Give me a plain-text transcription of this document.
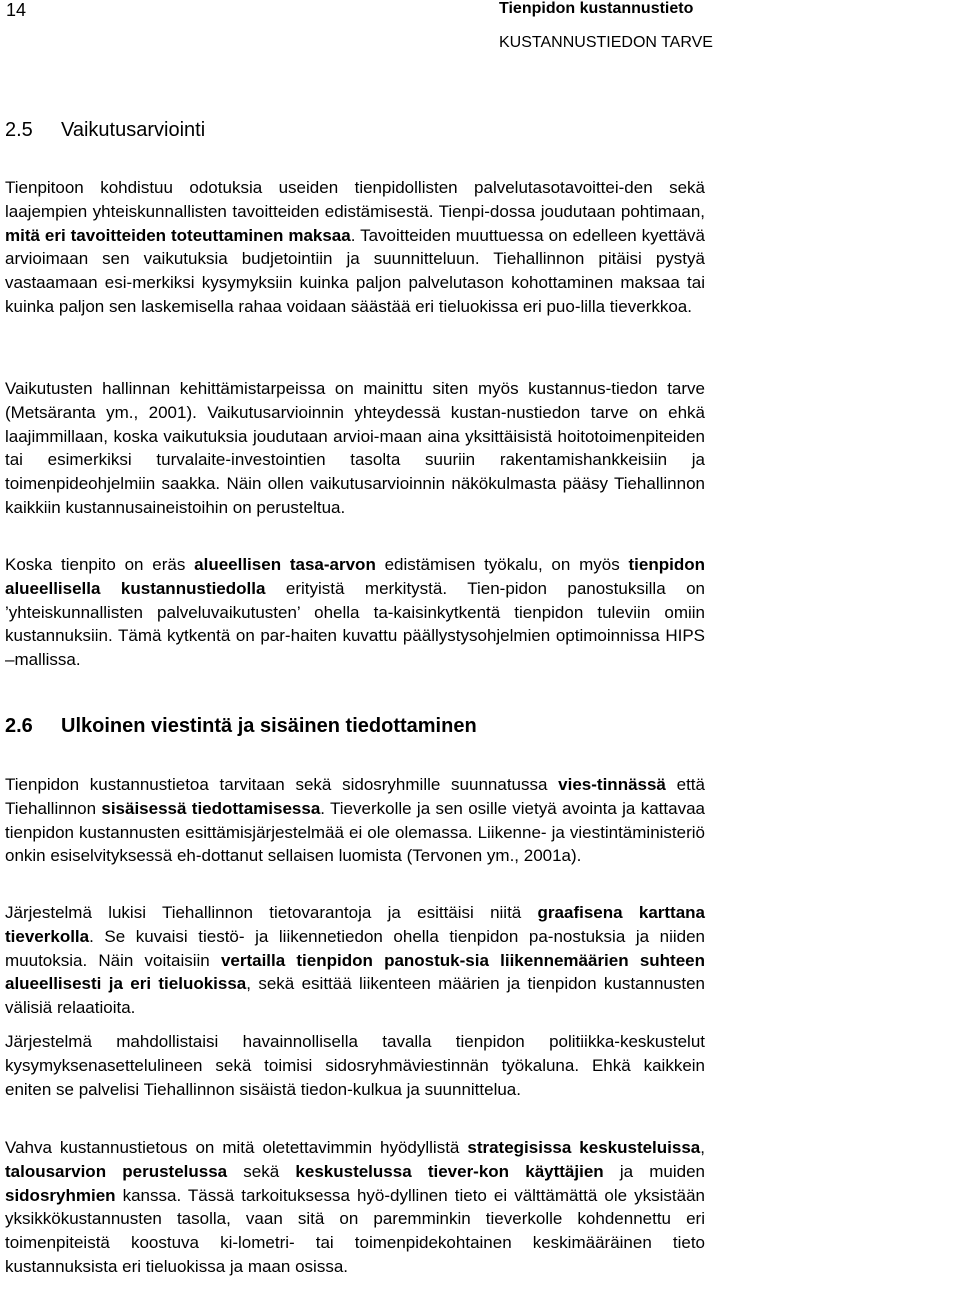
14	Tienpidon kustannustieto
KUSTANNUSTIEDON TARVE
2.5 Vaikutusarviointi

Tienpitoon kohdistuu odotuksia useiden tienpidollisten palvelutasotavoittei-den sekä laajempien yhteiskunnallisten tavoitteiden edistämisestä. Tienpi-dossa joudutaan pohtimaan, mitä eri tavoitteiden toteuttaminen maksaa. Tavoitteiden muuttuessa on edelleen kyettävä arvioimaan sen vaikutuksia budjetointiin ja suunnitteluun. Tiehallinnon pitäisi pystyä vastaamaan esi-merkiksi kysymyksiin kuinka paljon palvelutason kohottaminen maksaa tai kuinka paljon sen laskemisella rahaa voidaan säästää eri tieluokissa eri puo-lilla tieverkkoa.

Vaikutusten hallinnan kehittämistarpeissa on mainittu siten myös kustannus-tiedon tarve (Metsäranta ym., 2001). Vaikutusarvioinnin yhteydessä kustan-nustiedon tarve on ehkä laajimmillaan, koska vaikutuksia joudutaan arvioi-maan aina yksittäisistä hoitotoimenpiteiden tai esimerkiksi turvalaite-investointien tasolta suuriin rakentamishankkeisiin ja toimenpideohjelmiin saakka. Näin ollen vaikutusarvioinnin näkökulmasta pääsy Tiehallinnon kaikkiin kustannusaineistoihin on perusteltua.

Koska tienpito on eräs alueellisen tasa-arvon edistämisen työkalu, on myös tienpidon alueellisella kustannustiedolla erityistä merkitystä. Tien-pidon panostuksilla on ’yhteiskunnallisten palveluvaikutusten’ ohella ta-kaisinkytkentä tienpidon tuleviin omiin kustannuksiin. Tämä kytkentä on par-haiten kuvattu päällystysohjelmien optimoinnissa HIPS –mallissa.

2.6 Ulkoinen viestintä ja sisäinen tiedottaminen

Tienpidon kustannustietoa tarvitaan sekä sidosryhmille suunnatussa vies-tinnässä että Tiehallinnon sisäisessä tiedottamisessa. Tieverkolle ja sen osille vietyä avointa ja kattavaa tienpidon kustannusten esittämisjärjestelmää ei ole olemassa. Liikenne- ja viestintäministeriö onkin esiselvityksessä eh-dottanut sellaisen luomista (Tervonen ym., 2001a).

Järjestelmä lukisi Tiehallinnon tietovarantoja ja esittäisi niitä graafisena karttana tieverkolla. Se kuvaisi tiestö- ja liikennetiedon ohella tienpidon pa-nostuksia ja niiden muutoksia. Näin voitaisiin vertailla tienpidon panostuk-sia liikennemäärien suhteen alueellisesti ja eri tieluokissa, sekä esittää liikenteen määrien ja tienpidon kustannusten välisiä relaatioita.

Järjestelmä mahdollistaisi havainnollisella tavalla tienpidon politiikka-keskustelut kysymyksenasettelulineen sekä toimisi sidosryhmäviestinnän työkaluna. Ehkä kaikkein eniten se palvelisi Tiehallinnon sisäistä tiedon-kulkua ja suunnittelua.

Vahva kustannustietous on mitä oletettavimmin hyödyllistä strategisissa keskusteluissa, talousarvion perustelussa sekä keskustelussa tiever-kon käyttäjien ja muiden sidosryhmien kanssa. Tässä tarkoituksessa hyö-dyllinen tieto ei välttämättä ole yksistään yksikkökustannusten tasolla, vaan sitä on paremminkin tieverkolle kohdennettu eri toimenpiteistä koostuva ki-lometri- tai toimenpidekohtainen keskimääräinen tieto kustannuksista eri tieluokissa ja maan osissa.
